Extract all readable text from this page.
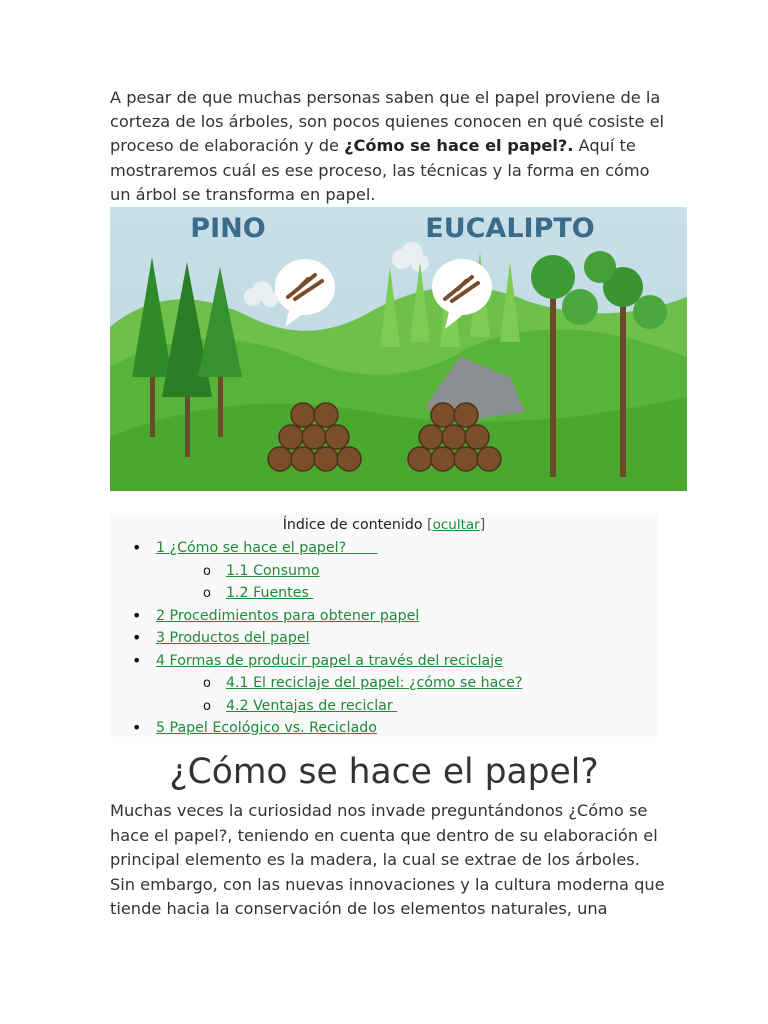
A pesar de que muchas personas saben que el papel proviene de la corteza de los árboles, son pocos quienes conocen en qué cosiste el proceso de elaboración y de ¿Cómo se hace el papel?. Aquí te mostraremos cuál es ese proceso, las técnicas y la forma en cómo un árbol se transforma en papel.

PINO	EUCALIPTO
Índice de contenido [ocultar]
•
1 ¿Cómo se hace el papel?
o
1.1 Consumo
o
1.2 Fuentes
•
2 Procedimientos para obtener papel
•
3 Productos del papel
•
4 Formas de producir papel a través del reciclaje
o
4.1 El reciclaje del papel: ¿cómo se hace?
o
4.2 Ventajas de reciclar
•
5 Papel Ecológico vs. Reciclado
¿Cómo se hace el papel?

Muchas veces la curiosidad nos invade preguntándonos ¿Cómo se hace el papel?, teniendo en cuenta que dentro de su elaboración el principal elemento es la madera, la cual se extrae de los árboles. Sin embargo, con las nuevas innovaciones y la cultura moderna que tiende hacia la conservación de los elementos naturales, una
